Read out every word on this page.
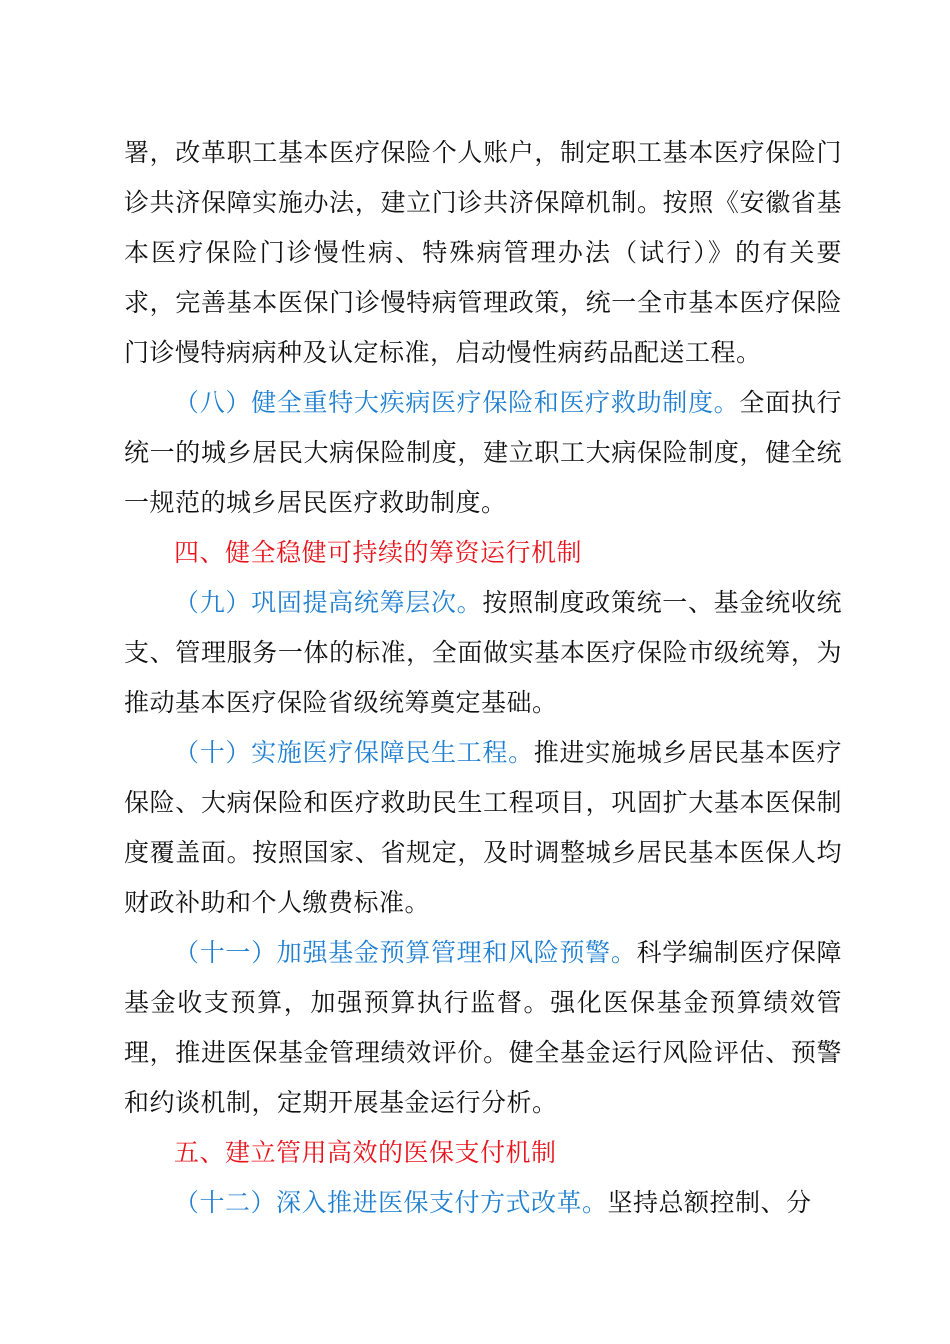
署，改革职工基本医疗保险个人账户，制定职工基本医疗保险门诊共济保障实施办法，建立门诊共济保障机制。按照《安徽省基本医疗保险门诊慢性病、特殊病管理办法（试行）》的有关要求，完善基本医保门诊慢特病管理政策，统一全市基本医疗保险门诊慢特病病种及认定标准，启动慢性病药品配送工程。

（八）健全重特大疾病医疗保险和医疗救助制度。全面执行统一的城乡居民大病保险制度，建立职工大病保险制度，健全统一规范的城乡居民医疗救助制度。

四、健全稳健可持续的筹资运行机制

（九）巩固提高统筹层次。按照制度政策统一、基金统收统支、管理服务一体的标准，全面做实基本医疗保险市级统筹，为推动基本医疗保险省级统筹奠定基础。

（十）实施医疗保障民生工程。推进实施城乡居民基本医疗保险、大病保险和医疗救助民生工程项目，巩固扩大基本医保制度覆盖面。按照国家、省规定，及时调整城乡居民基本医保人均财政补助和个人缴费标准。

（十一）加强基金预算管理和风险预警。科学编制医疗保障基金收支预算，加强预算执行监督。强化医保基金预算绩效管理，推进医保基金管理绩效评价。健全基金运行风险评估、预警和约谈机制，定期开展基金运行分析。

五、建立管用高效的医保支付机制

（十二）深入推进医保支付方式改革。坚持总额控制、分
